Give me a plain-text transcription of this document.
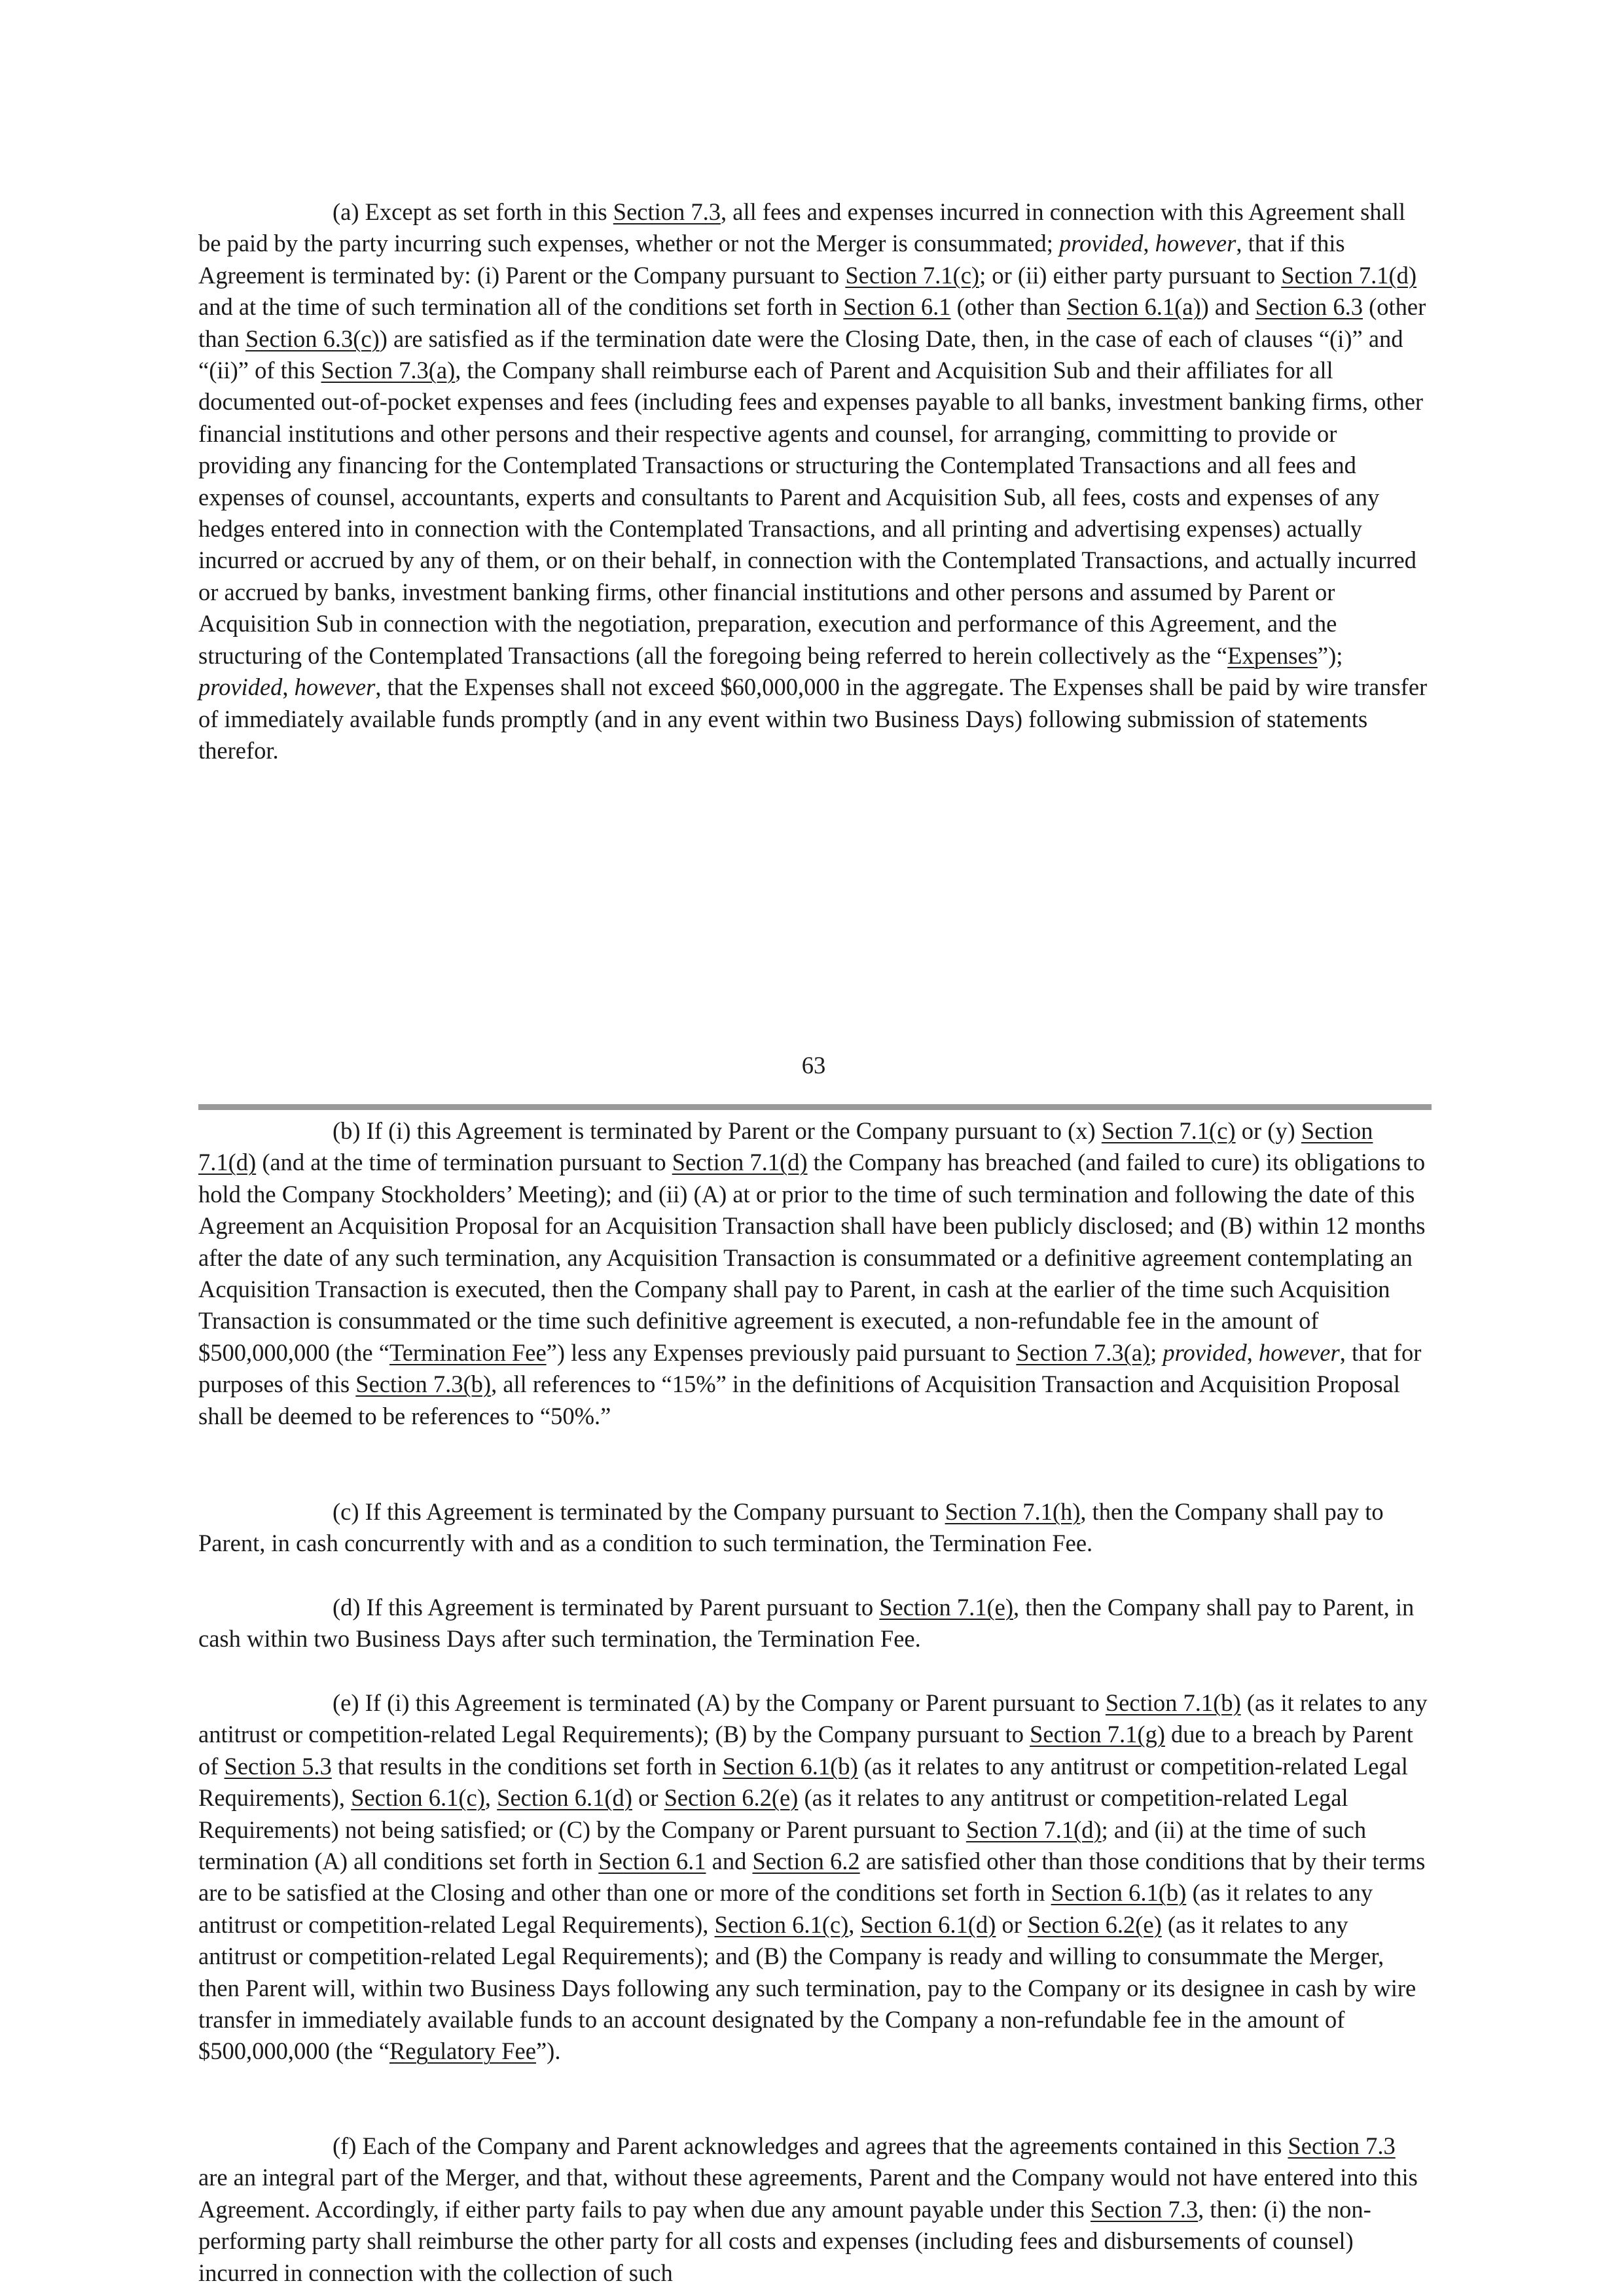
(a) Except as set forth in this Section 7.3, all fees and expenses incurred in connection with this Agreement shall be paid by the party incurring such expenses, whether or not the Merger is consummated; provided, however, that if this Agreement is terminated by: (i) Parent or the Company pursuant to Section 7.1(c); or (ii) either party pursuant to Section 7.1(d) and at the time of such termination all of the conditions set forth in Section 6.1 (other than Section 6.1(a)) and Section 6.3 (other than Section 6.3(c)) are satisfied as if the termination date were the Closing Date, then, in the case of each of clauses “(i)” and “(ii)” of this Section 7.3(a), the Company shall reimburse each of Parent and Acquisition Sub and their affiliates for all documented out-of-pocket expenses and fees (including fees and expenses payable to all banks, investment banking firms, other financial institutions and other persons and their respective agents and counsel, for arranging, committing to provide or providing any financing for the Contemplated Transactions or structuring the Contemplated Transactions and all fees and expenses of counsel, accountants, experts and consultants to Parent and Acquisition Sub, all fees, costs and expenses of any hedges entered into in connection with the Contemplated Transactions, and all printing and advertising expenses) actually incurred or accrued by any of them, or on their behalf, in connection with the Contemplated Transactions, and actually incurred or accrued by banks, investment banking firms, other financial institutions and other persons and assumed by Parent or Acquisition Sub in connection with the negotiation, preparation, execution and performance of this Agreement, and the structuring of the Contemplated Transactions (all the foregoing being referred to herein collectively as the “Expenses”); provided, however, that the Expenses shall not exceed $60,000,000 in the aggregate. The Expenses shall be paid by wire transfer of immediately available funds promptly (and in any event within two Business Days) following submission of statements therefor.

63

(b) If (i) this Agreement is terminated by Parent or the Company pursuant to (x) Section 7.1(c) or (y) Section 7.1(d) (and at the time of termination pursuant to Section 7.1(d) the Company has breached (and failed to cure) its obligations to hold the Company Stockholders’ Meeting); and (ii) (A) at or prior to the time of such termination and following the date of this Agreement an Acquisition Proposal for an Acquisition Transaction shall have been publicly disclosed; and (B) within 12 months after the date of any such termination, any Acquisition Transaction is consummated or a definitive agreement contemplating an Acquisition Transaction is executed, then the Company shall pay to Parent, in cash at the earlier of the time such Acquisition Transaction is consummated or the time such definitive agreement is executed, a non-refundable fee in the amount of $500,000,000 (the “Termination Fee”) less any Expenses previously paid pursuant to Section 7.3(a); provided, however, that for purposes of this Section 7.3(b), all references to “15%” in the definitions of Acquisition Transaction and Acquisition Proposal shall be deemed to be references to “50%.”

(c) If this Agreement is terminated by the Company pursuant to Section 7.1(h), then the Company shall pay to Parent, in cash concurrently with and as a condition to such termination, the Termination Fee.

(d) If this Agreement is terminated by Parent pursuant to Section 7.1(e), then the Company shall pay to Parent, in cash within two Business Days after such termination, the Termination Fee.

(e) If (i) this Agreement is terminated (A) by the Company or Parent pursuant to Section 7.1(b) (as it relates to any antitrust or competition-related Legal Requirements); (B) by the Company pursuant to Section 7.1(g) due to a breach by Parent of Section 5.3 that results in the conditions set forth in Section 6.1(b) (as it relates to any antitrust or competition-related Legal Requirements), Section 6.1(c), Section 6.1(d) or Section 6.2(e) (as it relates to any antitrust or competition-related Legal Requirements) not being satisfied; or (C) by the Company or Parent pursuant to Section 7.1(d); and (ii) at the time of such termination (A) all conditions set forth in Section 6.1 and Section 6.2 are satisfied other than those conditions that by their terms are to be satisfied at the Closing and other than one or more of the conditions set forth in Section 6.1(b) (as it relates to any antitrust or competition-related Legal Requirements), Section 6.1(c), Section 6.1(d) or Section 6.2(e) (as it relates to any antitrust or competition-related Legal Requirements); and (B) the Company is ready and willing to consummate the Merger, then Parent will, within two Business Days following any such termination, pay to the Company or its designee in cash by wire transfer in immediately available funds to an account designated by the Company a non-refundable fee in the amount of $500,000,000 (the “Regulatory Fee”).

(f) Each of the Company and Parent acknowledges and agrees that the agreements contained in this Section 7.3 are an integral part of the Merger, and that, without these agreements, Parent and the Company would not have entered into this Agreement. Accordingly, if either party fails to pay when due any amount payable under this Section 7.3, then: (i) the non-performing party shall reimburse the other party for all costs and expenses (including fees and disbursements of counsel) incurred in connection with the collection of such
